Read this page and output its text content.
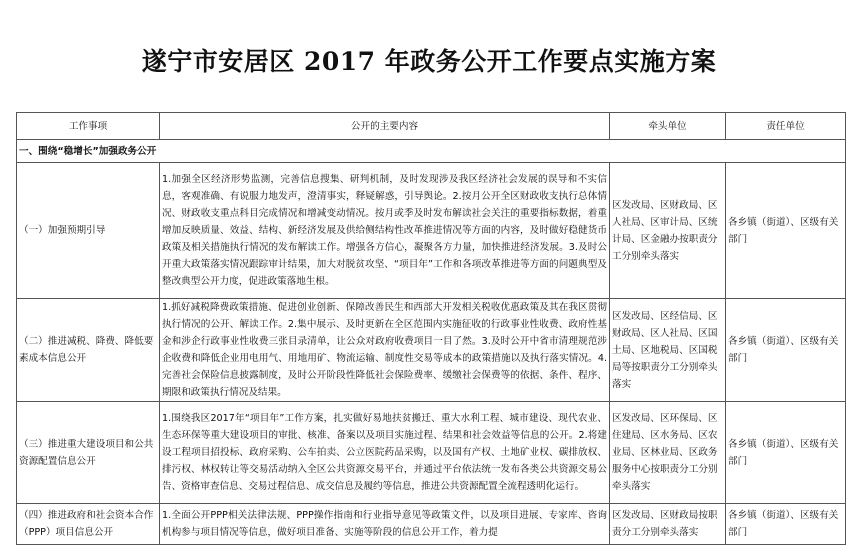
遂宁市安居区 2017 年政务公开工作要点实施方案
工作事项	公开的主要内容	牵头单位	责任单位
一、围绕“稳增长”加强政务公开			
（一）加强预期引导	1.加强全区经济形势监测，完善信息搜集、研判机制，及时发现涉及我区经济社会发展的误导和不实信息，客观准确、有说服力地发声，澄清事实，释疑解惑，引导舆论。2.按月公开全区财政收支执行总体情况、财政收支重点科目完成情况和增减变动情况。按月或季及时发布解读社会关注的重要指标数据，着重增加反映质量、效益、结构、新经济发展及供给侧结构性改革推进情况等方面的内容，及时做好稳健货币政策及相关措施执行情况的发布解读工作。增强各方信心，凝聚各方力量，加快推进经济发展。3.及时公开重大政策落实情况跟踪审计结果，加大对脱贫攻坚、“项目年”工作和各项改革推进等方面的问题典型及整改典型公开力度，促进政策落地生根。	区发改局、区财政局、区人社局、区审计局、区统计局、区金融办按职责分工分别牵头落实	各乡镇（街道）、区级有关部门
（二）推进减税、降费、降低要素成本信息公开	1.抓好减税降费政策措施、促进创业创新、保障改善民生和西部大开发相关税收优惠政策及其在我区贯彻执行情况的公开、解读工作。2.集中展示、及时更新在全区范围内实施征收的行政事业性收费、政府性基金和涉企行政事业性收费三张目录清单，让公众对政府收费项目一目了然。3.及时公开中省市清理规范涉企收费和降低企业用电用气、用地用矿、物流运输、制度性交易等成本的政策措施以及执行落实情况。4.完善社会保险信息披露制度，及时公开阶段性降低社会保险费率、缓缴社会保费等的依据、条件、程序、期限和政策执行情况及结果。	区发改局、区经信局、区财政局、区人社局、区国土局、区地税局、区国税局等按职责分工分别牵头落实	各乡镇（街道）、区级有关部门
（三）推进重大建设项目和公共资源配置信息公开	1.围绕我区2017年“项目年”工作方案，扎实做好易地扶贫搬迁、重大水利工程、城市建设、现代农业、生态环保等重大建设项目的审批、核准、备案以及项目实施过程、结果和社会效益等信息的公开。2.将建设工程项目招投标、政府采购、公车拍卖、公立医院药品采购，以及国有产权、土地矿业权、碳排放权、排污权、林权转让等交易活动纳入全区公共资源交易平台，并通过平台依法统一发布各类公共资源交易公告、资格审查信息、交易过程信息、成交信息及履约等信息，推进公共资源配置全流程透明化运行。	区发改局、区环保局、区住建局、区水务局、区农业局、区林业局、区政务服务中心按职责分工分别牵头落实	各乡镇（街道）、区级有关部门
（四）推进政府和社会资本合作（PPP）项目信息公开	1.全面公开PPP相关法律法规、PPP操作指南和行业指导意见等政策文件，以及项目进展、专家库、咨询机构参与项目情况等信息，做好项目准备、实施等阶段的信息公开工作，着力提	区发改局、区财政局按职责分工分别牵头落实	各乡镇（街道）、区级有关部门
